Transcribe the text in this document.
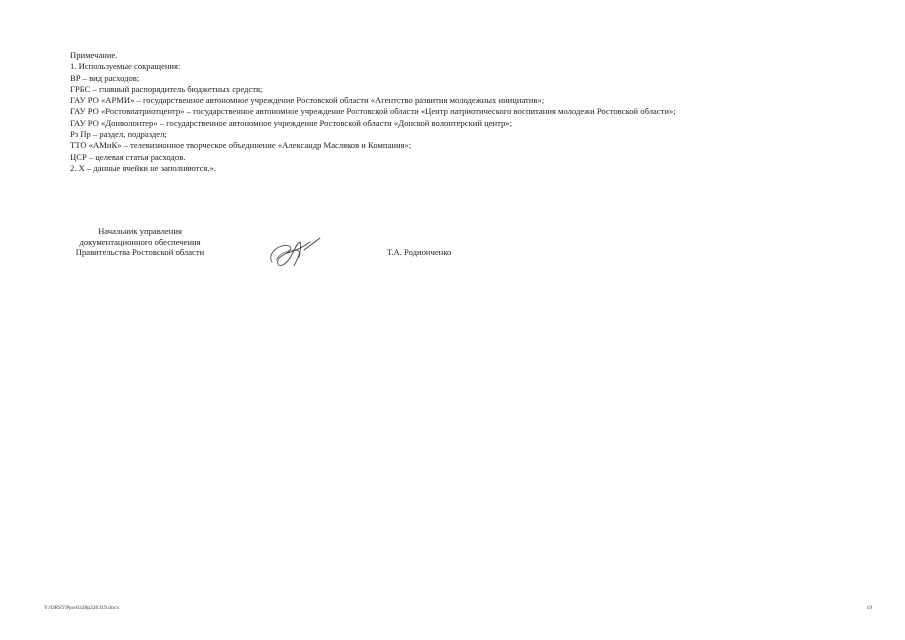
Примечание.
1. Используемые сокращения:
ВР – вид расходов;
ГРБС – главный распорядитель бюджетных средств;
ГАУ РО «АРМИ» – государственное автономное учреждение Ростовской области «Агентство развития молодежных инициатив»;
ГАУ РО «Ростовпатриотцентр» – государственное автономное учреждение Ростовской области «Центр патриотического воспитания молодежи Ростовской области»;
ГАУ РО «Донволонтер» – государственное автономное учреждение Ростовской области «Донской волонтерский центр»;
Рз Пр – раздел, подраздел;
ТТО «АМиК» – телевизионное творческое объединение «Александр Масляков и Компания»;
ЦСР – целевая статья расходов.
2. Х – данные ячейки не заполняются.».
Начальник управления
документационного обеспечения
Правительства Ростовской области	Т.А. Родионченко
Y:\ORST\Ppo\0328p226.f19.docx	19
